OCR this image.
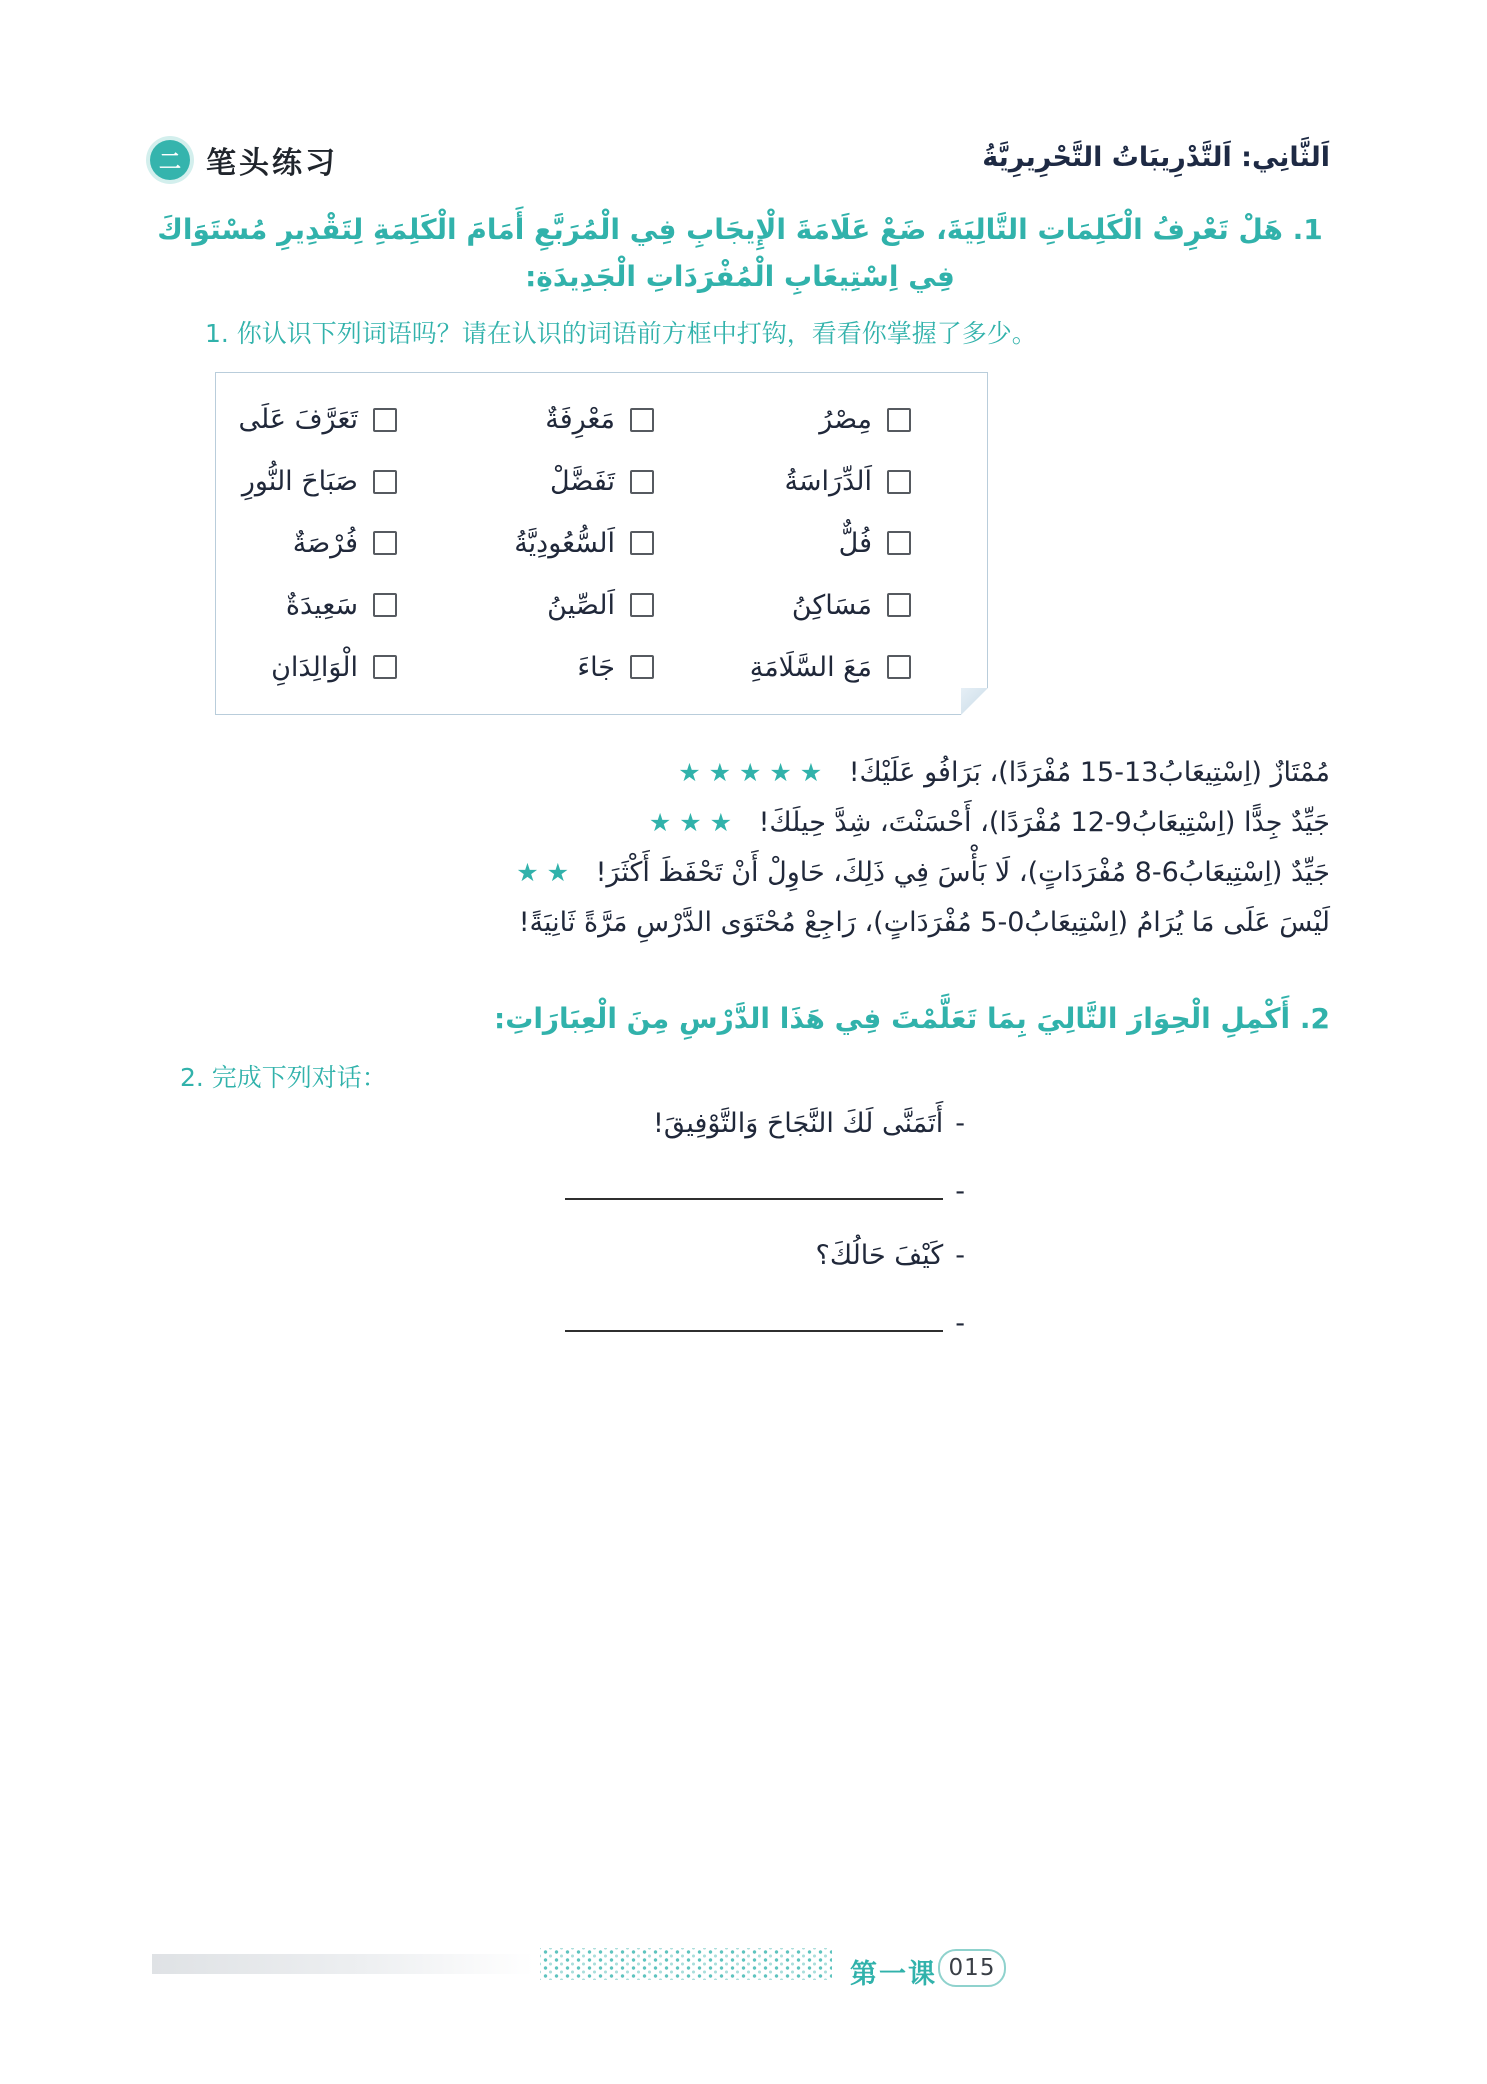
二 笔头练习	اَلثَّانِي: اَلتَّدْرِيبَاتُ التَّحْرِيرِيَّةُ
1. هَلْ تَعْرِفُ الْكَلِمَاتِ التَّالِيَةَ، ضَعْ عَلَامَةَ الْإِيجَابِ فِي الْمُرَبَّعِ أَمَامَ الْكَلِمَةِ لِتَقْدِيرِ مُسْتَوَاكَ فِي اِسْتِيعَابِ الْمُفْرَدَاتِ الْجَدِيدَةِ:
1. 你认识下列词语吗？请在认识的词语前方框中打钩，看看你掌握了多少。
مِصْرُ
مَعْرِفَةٌ
تَعَرَّفَ عَلَى
اَلدِّرَاسَةُ
تَفَضَّلْ
صَبَاحَ النُّورِ
فُلٌّ
اَلسُّعُودِيَّةُ
فُرْصَةٌ
مَسَاكِنُ
اَلصِّينُ
سَعِيدَةٌ
مَعَ السَّلَامَةِ
جَاءَ
الْوَالِدَانِ
مُمْتَازٌ (اِسْتِيعَابُ13-15 مُفْرَدًا)، بَرَافُو عَلَيْكَ! ★ ★ ★ ★ ★
جَيِّدٌ جِدًّا (اِسْتِيعَابُ9-12 مُفْرَدًا)، أَحْسَنْتَ، شِدَّ حِيلَكَ! ★ ★ ★
جَيِّدٌ (اِسْتِيعَابُ6-8 مُفْرَدَاتٍ)، لَا بَأْسَ فِي ذَلِكَ، حَاوِلْ أَنْ تَحْفَظَ أَكْثَرَ! ★ ★
لَيْسَ عَلَى مَا يُرَامُ (اِسْتِيعَابُ0-5 مُفْرَدَاتٍ)، رَاجِعْ مُحْتَوَى الدَّرْسِ مَرَّةً ثَانِيَةً!
2. أَكْمِلِ الْحِوَارَ التَّالِيَ بِمَا تَعَلَّمْتَ فِي هَذَا الدَّرْسِ مِنَ الْعِبَارَاتِ:
2. 完成下列对话：
-أَتَمَنَّى لَكَ النَّجَاحَ وَالتَّوْفِيقَ!
-
-كَيْفَ حَالُكَ؟
-
第一课 015
